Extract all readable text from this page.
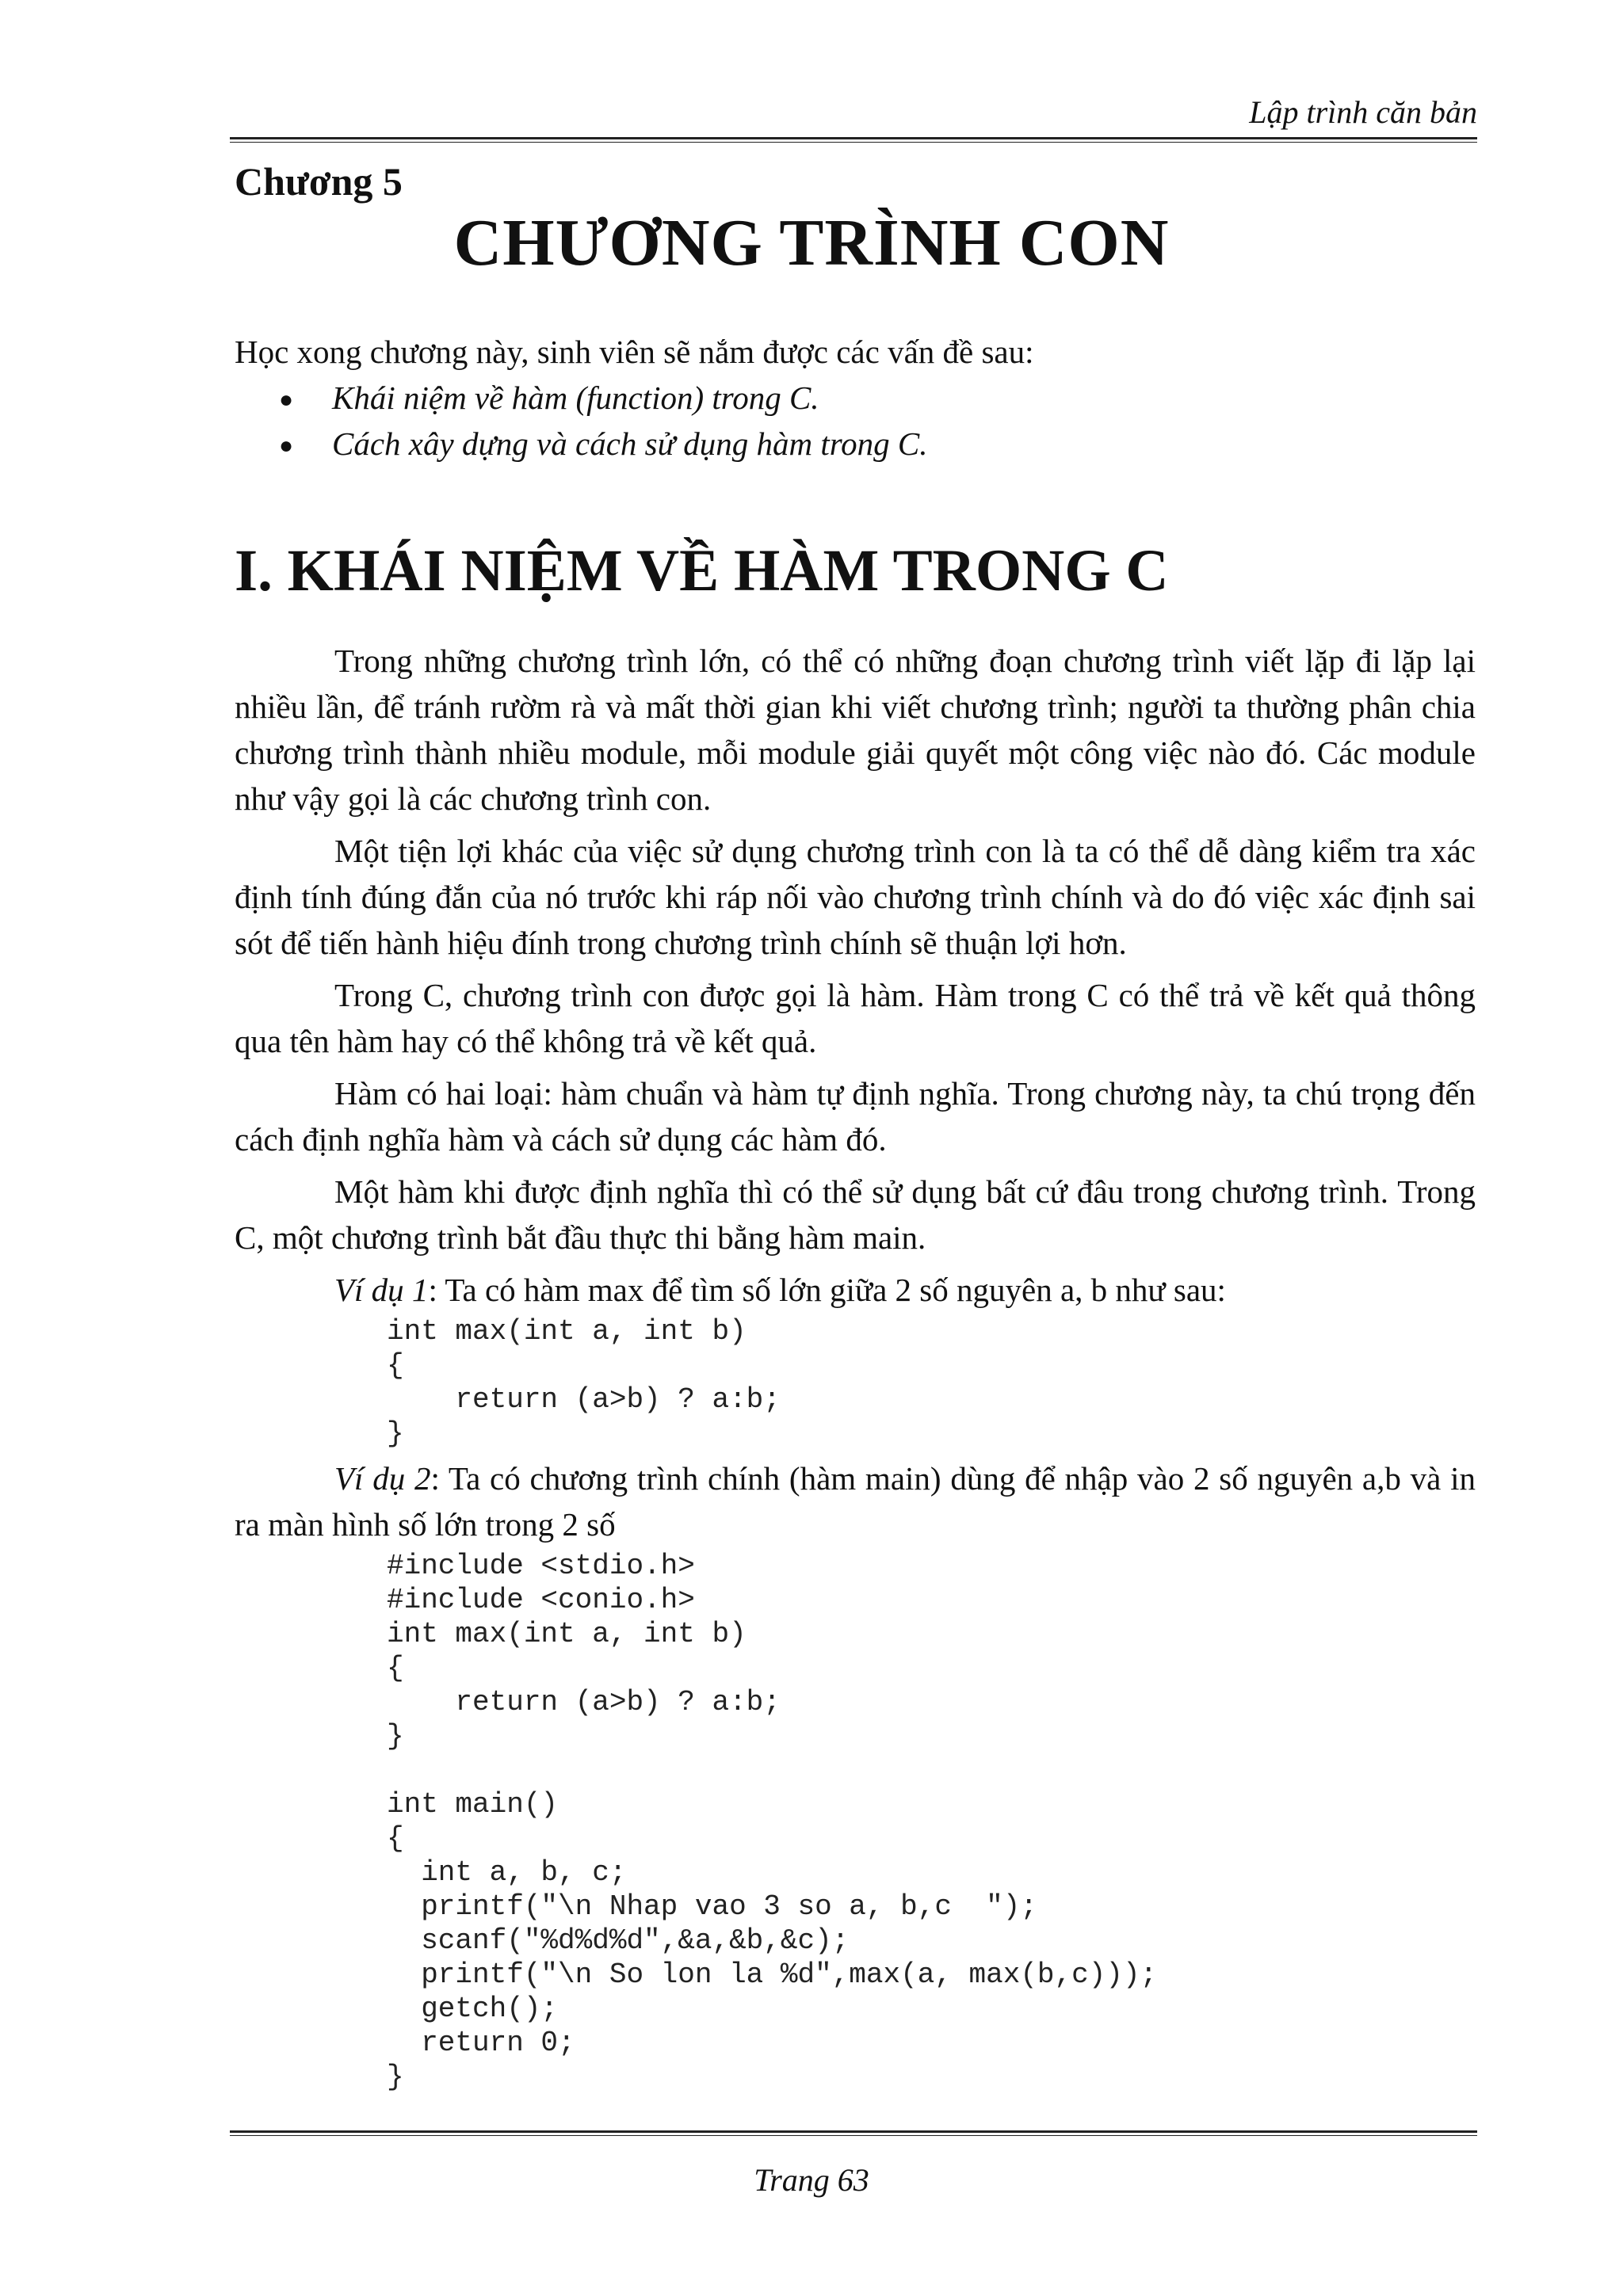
Lập trình căn bản
Chương 5
CHƯƠNG TRÌNH CON
Học xong chương này, sinh viên sẽ nắm được các vấn đề sau:
● Khái niệm về hàm (function) trong C.
● Cách xây dựng và cách sử dụng hàm trong C.
I. KHÁI NIỆM VỀ HÀM TRONG C

Trong những chương trình lớn, có thể có những đoạn chương trình viết lặp đi lặp lại nhiều lần, để tránh rườm rà và mất thời gian khi viết chương trình; người ta thường phân chia chương trình thành nhiều module, mỗi module giải quyết một công việc nào đó. Các module như vậy gọi là các chương trình con.

Một tiện lợi khác của việc sử dụng chương trình con là ta có thể dễ dàng kiểm tra xác định tính đúng đắn của nó trước khi ráp nối vào chương trình chính và do đó việc xác định sai sót để tiến hành hiệu đính trong chương trình chính sẽ thuận lợi hơn.

Trong C, chương trình con được gọi là hàm. Hàm trong C có thể trả về kết quả thông qua tên hàm hay có thể không trả về kết quả.

Hàm có hai loại: hàm chuẩn và hàm tự định nghĩa. Trong chương này, ta chú trọng đến cách định nghĩa hàm và cách sử dụng các hàm đó.

Một hàm khi được định nghĩa thì có thể sử dụng bất cứ đâu trong chương trình. Trong C, một chương trình bắt đầu thực thi bằng hàm main.

Ví dụ 1: Ta có hàm max để tìm số lớn giữa 2 số nguyên a, b như sau:

int max(int a, int b)
{
return (a>b) ? a:b;
}

Ví dụ 2: Ta có chương trình chính (hàm main) dùng để nhập vào 2 số nguyên a,b và in ra màn hình số lớn trong 2 số

#include <stdio.h>
#include <conio.h>
int max(int a, int b)
{
return (a>b) ? a:b;
}

int main()
{
int a, b, c;
printf("\n Nhap vao 3 so a, b,c  ");
scanf("%d%d%d",&a,&b,&c);
printf("\n So lon la %d",max(a, max(b,c)));
getch();
return 0;
}
Trang 63
